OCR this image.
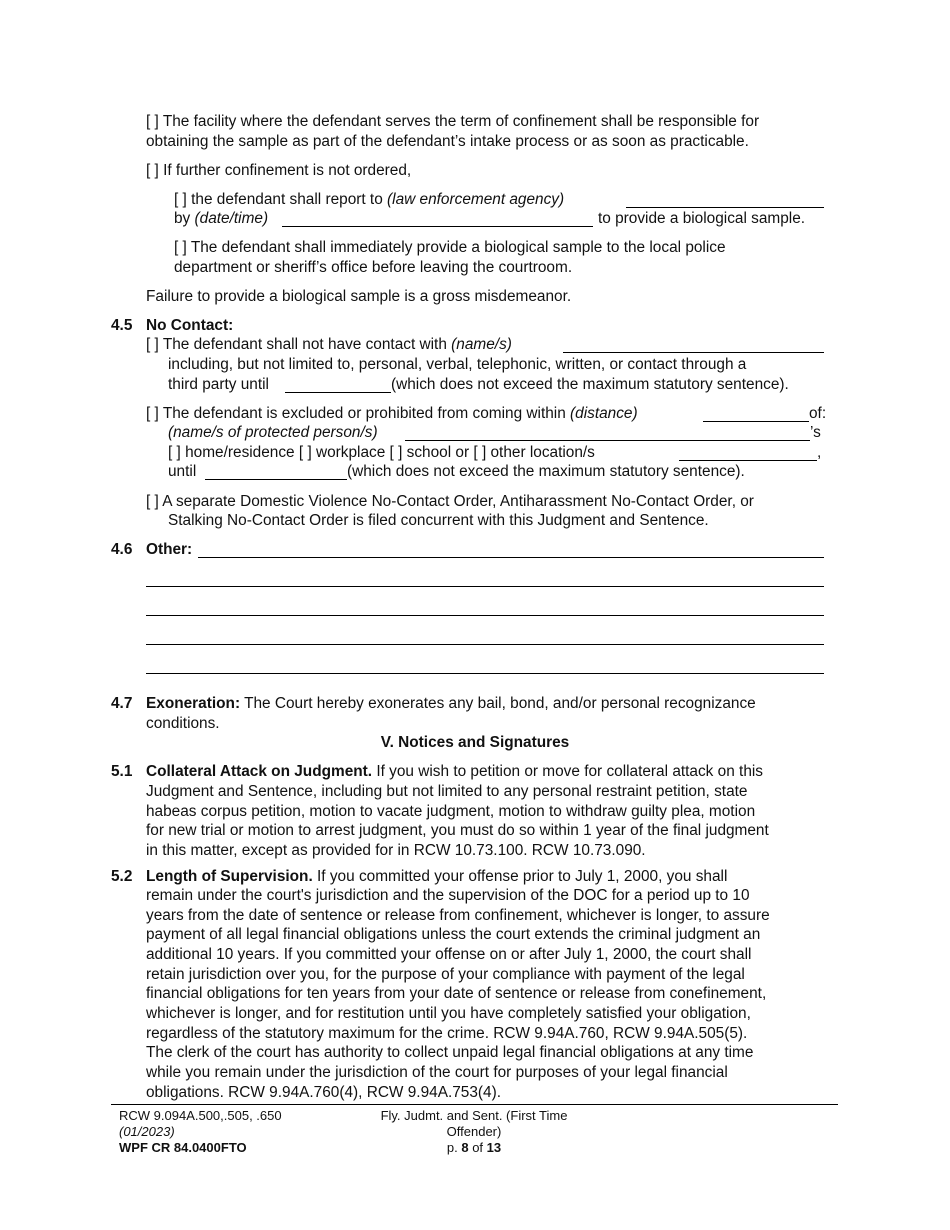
[ ] The facility where the defendant serves the term of confinement shall be responsible for
obtaining the sample as part of the defendant’s intake process or as soon as practicable.
[ ] If further confinement is not ordered,
[ ] the defendant shall report to (law enforcement agency)
by (date/time)	to provide a biological sample.
[ ] The defendant shall immediately provide a biological sample to the local police
department or sheriff’s office before leaving the courtroom.
Failure to provide a biological sample is a gross misdemeanor.
4.5 No Contact:
[ ] The defendant shall not have contact with (name/s)
including, but not limited to, personal, verbal, telephonic, written, or contact through a
third party until	(which does not exceed the maximum statutory sentence).
[ ] The defendant is excluded or prohibited from coming within (distance)	of:
(name/s of protected person/s)	’s
[ ] home/residence [ ] workplace [ ] school or [ ] other location/s	,
until	(which does not exceed the maximum statutory sentence).
[ ] A separate Domestic Violence No-Contact Order, Antiharassment No-Contact Order, or
Stalking No-Contact Order is filed concurrent with this Judgment and Sentence.
4.6 Other:
4.7 Exoneration: The Court hereby exonerates any bail, bond, and/or personal recognizance
conditions.
V. Notices and Signatures
5.1 Collateral Attack on Judgment. If you wish to petition or move for collateral attack on this
Judgment and Sentence, including but not limited to any personal restraint petition, state
habeas corpus petition, motion to vacate judgment, motion to withdraw guilty plea, motion
for new trial or motion to arrest judgment, you must do so within 1 year of the final judgment
in this matter, except as provided for in RCW 10.73.100. RCW 10.73.090.
5.2 Length of Supervision. If you committed your offense prior to July 1, 2000, you shall
remain under the court's jurisdiction and the supervision of the DOC for a period up to 10
years from the date of sentence or release from confinement, whichever is longer, to assure
payment of all legal financial obligations unless the court extends the criminal judgment an
additional 10 years. If you committed your offense on or after July 1, 2000, the court shall
retain jurisdiction over you, for the purpose of your compliance with payment of the legal
financial obligations for ten years from your date of sentence or release from conefinement,
whichever is longer, and for restitution until you have completely satisfied your obligation,
regardless of the statutory maximum for the crime. RCW 9.94A.760, RCW 9.94A.505(5).
The clerk of the court has authority to collect unpaid legal financial obligations at any time
while you remain under the jurisdiction of the court for purposes of your legal financial
obligations. RCW 9.94A.760(4), RCW 9.94A.753(4).
RCW 9.094A.500,.505, .650
(01/2023)
WPF CR 84.0400FTO
Fly. Judmt. and Sent. (First Time
Offender)
p. 8 of 13
